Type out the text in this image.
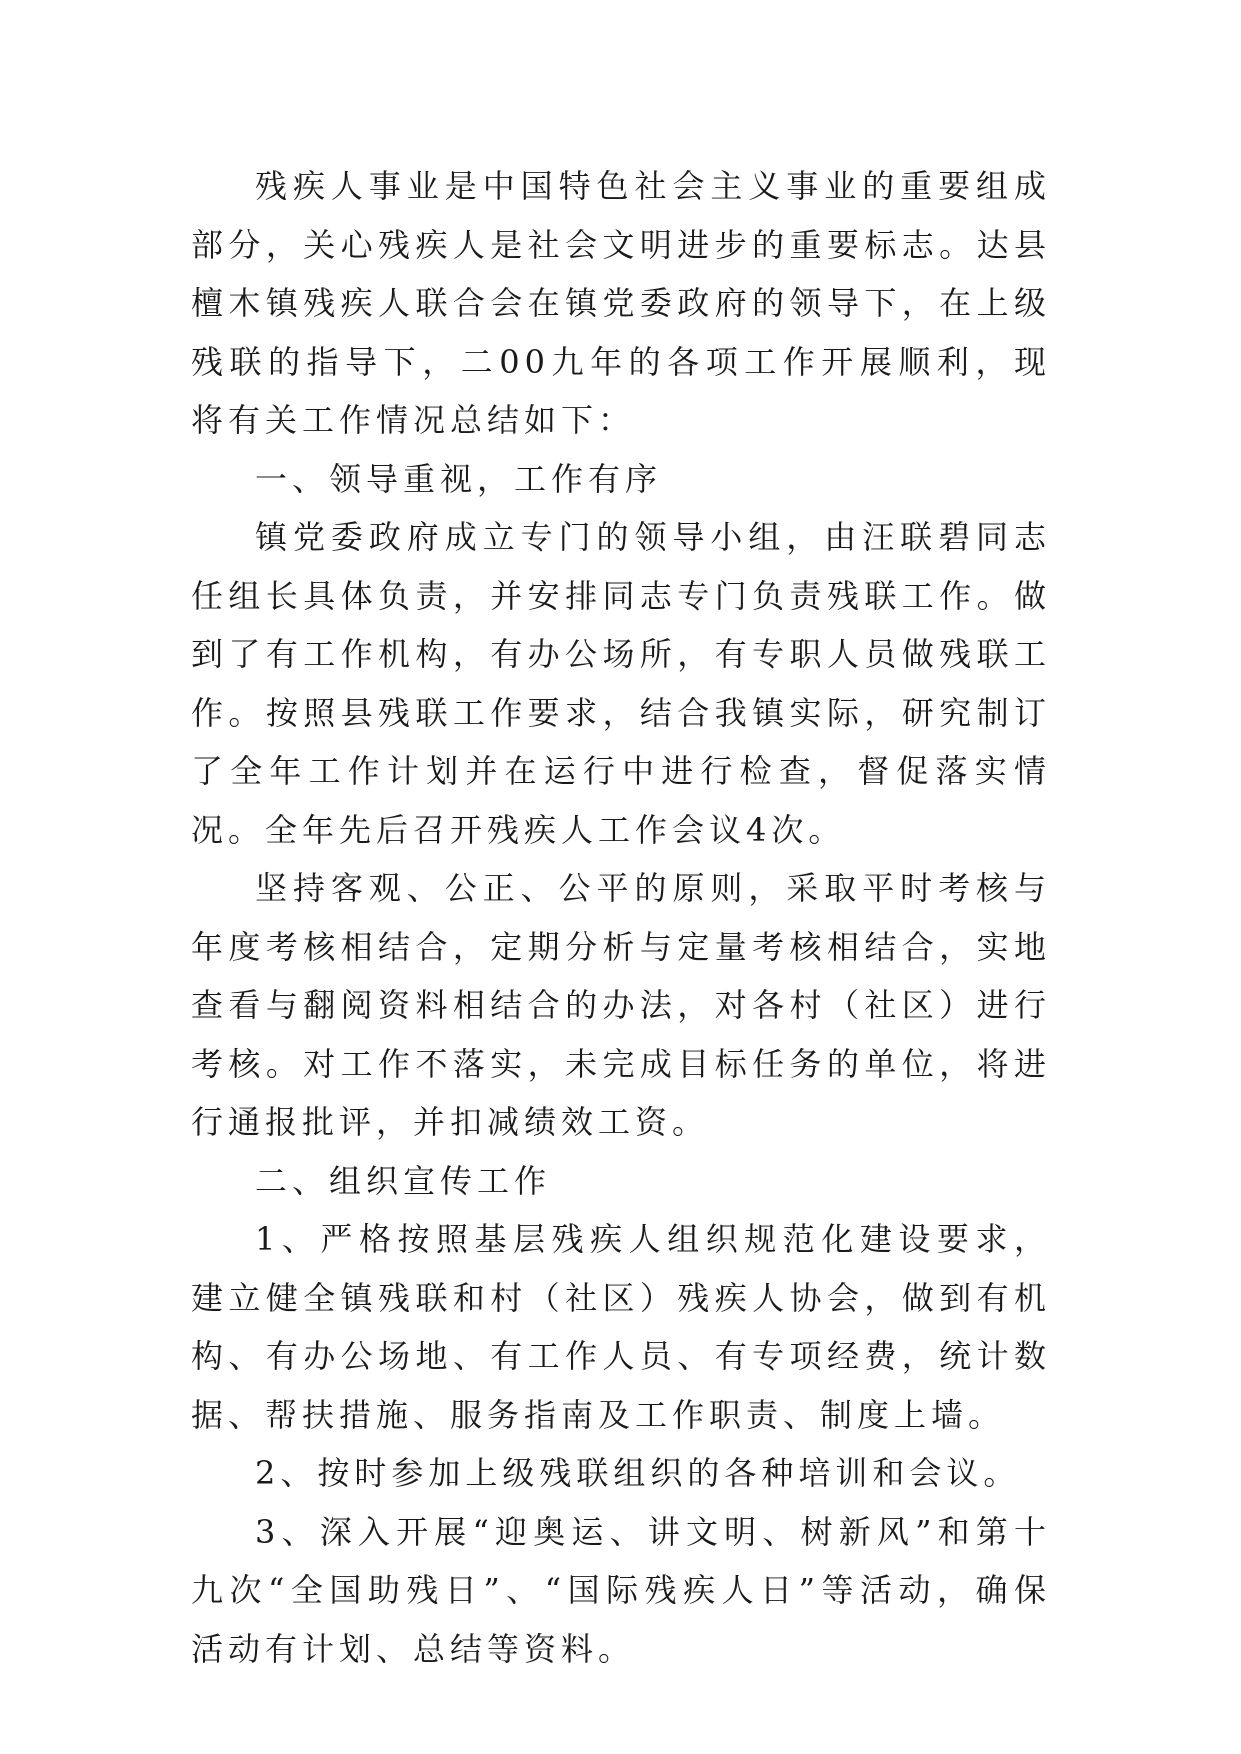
残疾人事业是中国特色社会主义事业的重要组成部分，关心残疾人是社会文明进步的重要标志。达县檀木镇残疾人联合会在镇党委政府的领导下，在上级残联的指导下，二00九年的各项工作开展顺利，现将有关工作情况总结如下：

一、领导重视，工作有序

镇党委政府成立专门的领导小组，由汪联碧同志任组长具体负责，并安排同志专门负责残联工作。做到了有工作机构，有办公场所，有专职人员做残联工作。按照县残联工作要求，结合我镇实际，研究制订了全年工作计划并在运行中进行检查，督促落实情况。全年先后召开残疾人工作会议4次。

坚持客观、公正、公平的原则，采取平时考核与年度考核相结合，定期分析与定量考核相结合，实地查看与翻阅资料相结合的办法，对各村（社区）进行考核。对工作不落实，未完成目标任务的单位，将进行通报批评，并扣减绩效工资。

二、组织宣传工作

1、严格按照基层残疾人组织规范化建设要求，建立健全镇残联和村（社区）残疾人协会，做到有机构、有办公场地、有工作人员、有专项经费，统计数据、帮扶措施、服务指南及工作职责、制度上墙。

2、按时参加上级残联组织的各种培训和会议。

3、深入开展“迎奥运、讲文明、树新风”和第十九次“全国助残日”、“国际残疾人日”等活动，确保活动有计划、总结等资料。
